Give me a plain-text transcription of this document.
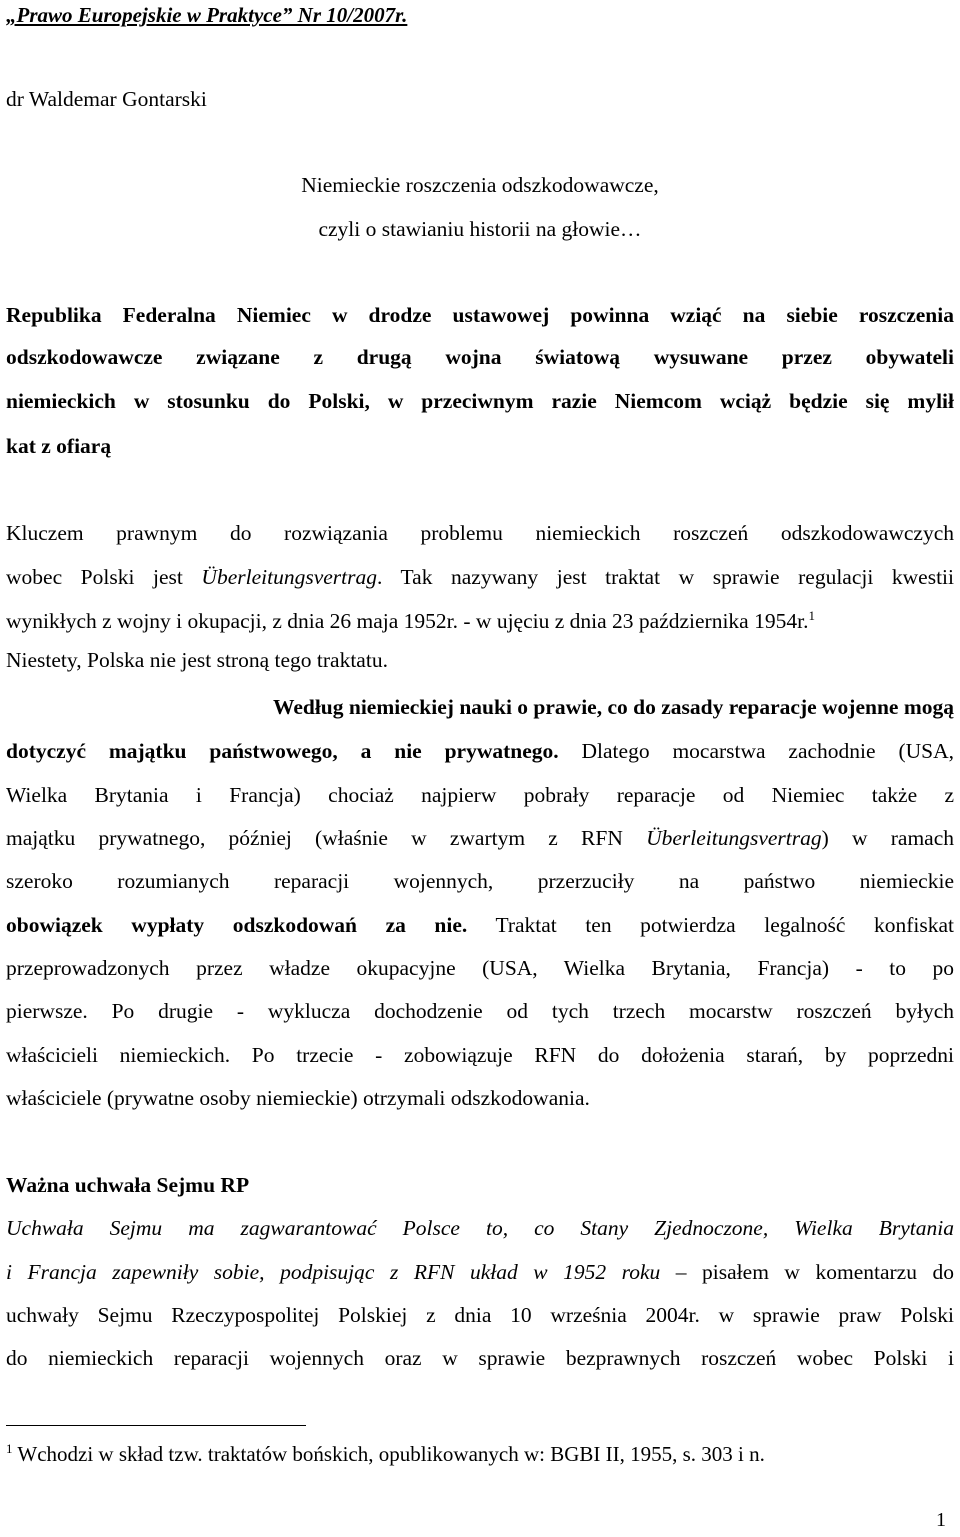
„Prawo Europejskie w Praktyce” Nr 10/2007r.
dr Waldemar Gontarski
Niemieckie roszczenia odszkodowawcze,
czyli o stawianiu historii na głowie…
Republika Federalna Niemiec w drodze ustawowej powinna wziąć na siebie roszczenia
odszkodowawcze związane z drugą wojna światową wysuwane przez obywateli
niemieckich w stosunku do Polski, w przeciwnym razie Niemcom wciąż będzie się mylił
kat z ofiarą
Kluczem prawnym do rozwiązania problemu niemieckich roszczeń odszkodowawczych
wobec Polski jest Überleitungsvertrag. Tak nazywany jest traktat w sprawie regulacji kwestii
wynikłych z wojny i okupacji, z dnia 26 maja 1952r. - w ujęciu z dnia 23 października 1954r.$^1$
Niestety, Polska nie jest stroną tego traktatu.
Według niemieckiej nauki o prawie, co do zasady reparacje wojenne mogą
dotyczyć majątku państwowego, a nie prywatnego. Dlatego mocarstwa zachodnie (USA,
Wielka Brytania i Francja) chociaż najpierw pobrały reparacje od Niemiec także z
majątku prywatnego, później (właśnie w zwartym z RFN Überleitungsvertrag) w ramach
szeroko rozumianych reparacji wojennych, przerzuciły na państwo niemieckie
obowiązek wypłaty odszkodowań za nie. Traktat ten potwierdza legalność konfiskat
przeprowadzonych przez władze okupacyjne (USA, Wielka Brytania, Francja) - to po
pierwsze. Po drugie - wyklucza dochodzenie od tych trzech mocarstw roszczeń byłych
właścicieli niemieckich. Po trzecie - zobowiązuje RFN do dołożenia starań, by poprzedni
właściciele (prywatne osoby niemieckie) otrzymali odszkodowania.
Ważna uchwała Sejmu RP
Uchwała Sejmu ma zagwarantować Polsce to, co Stany Zjednoczone, Wielka Brytania
i Francja zapewniły sobie, podpisując z RFN układ w 1952 roku – pisałem w komentarzu do
uchwały Sejmu Rzeczypospolitej Polskiej z dnia 10 września 2004r. w sprawie praw Polski
do niemieckich reparacji wojennych oraz w sprawie bezprawnych roszczeń wobec Polski i
$^1$ Wchodzi w skład tzw. traktatów bońskich, opublikowanych w: BGBI II, 1955, s. 303 i n.
1
